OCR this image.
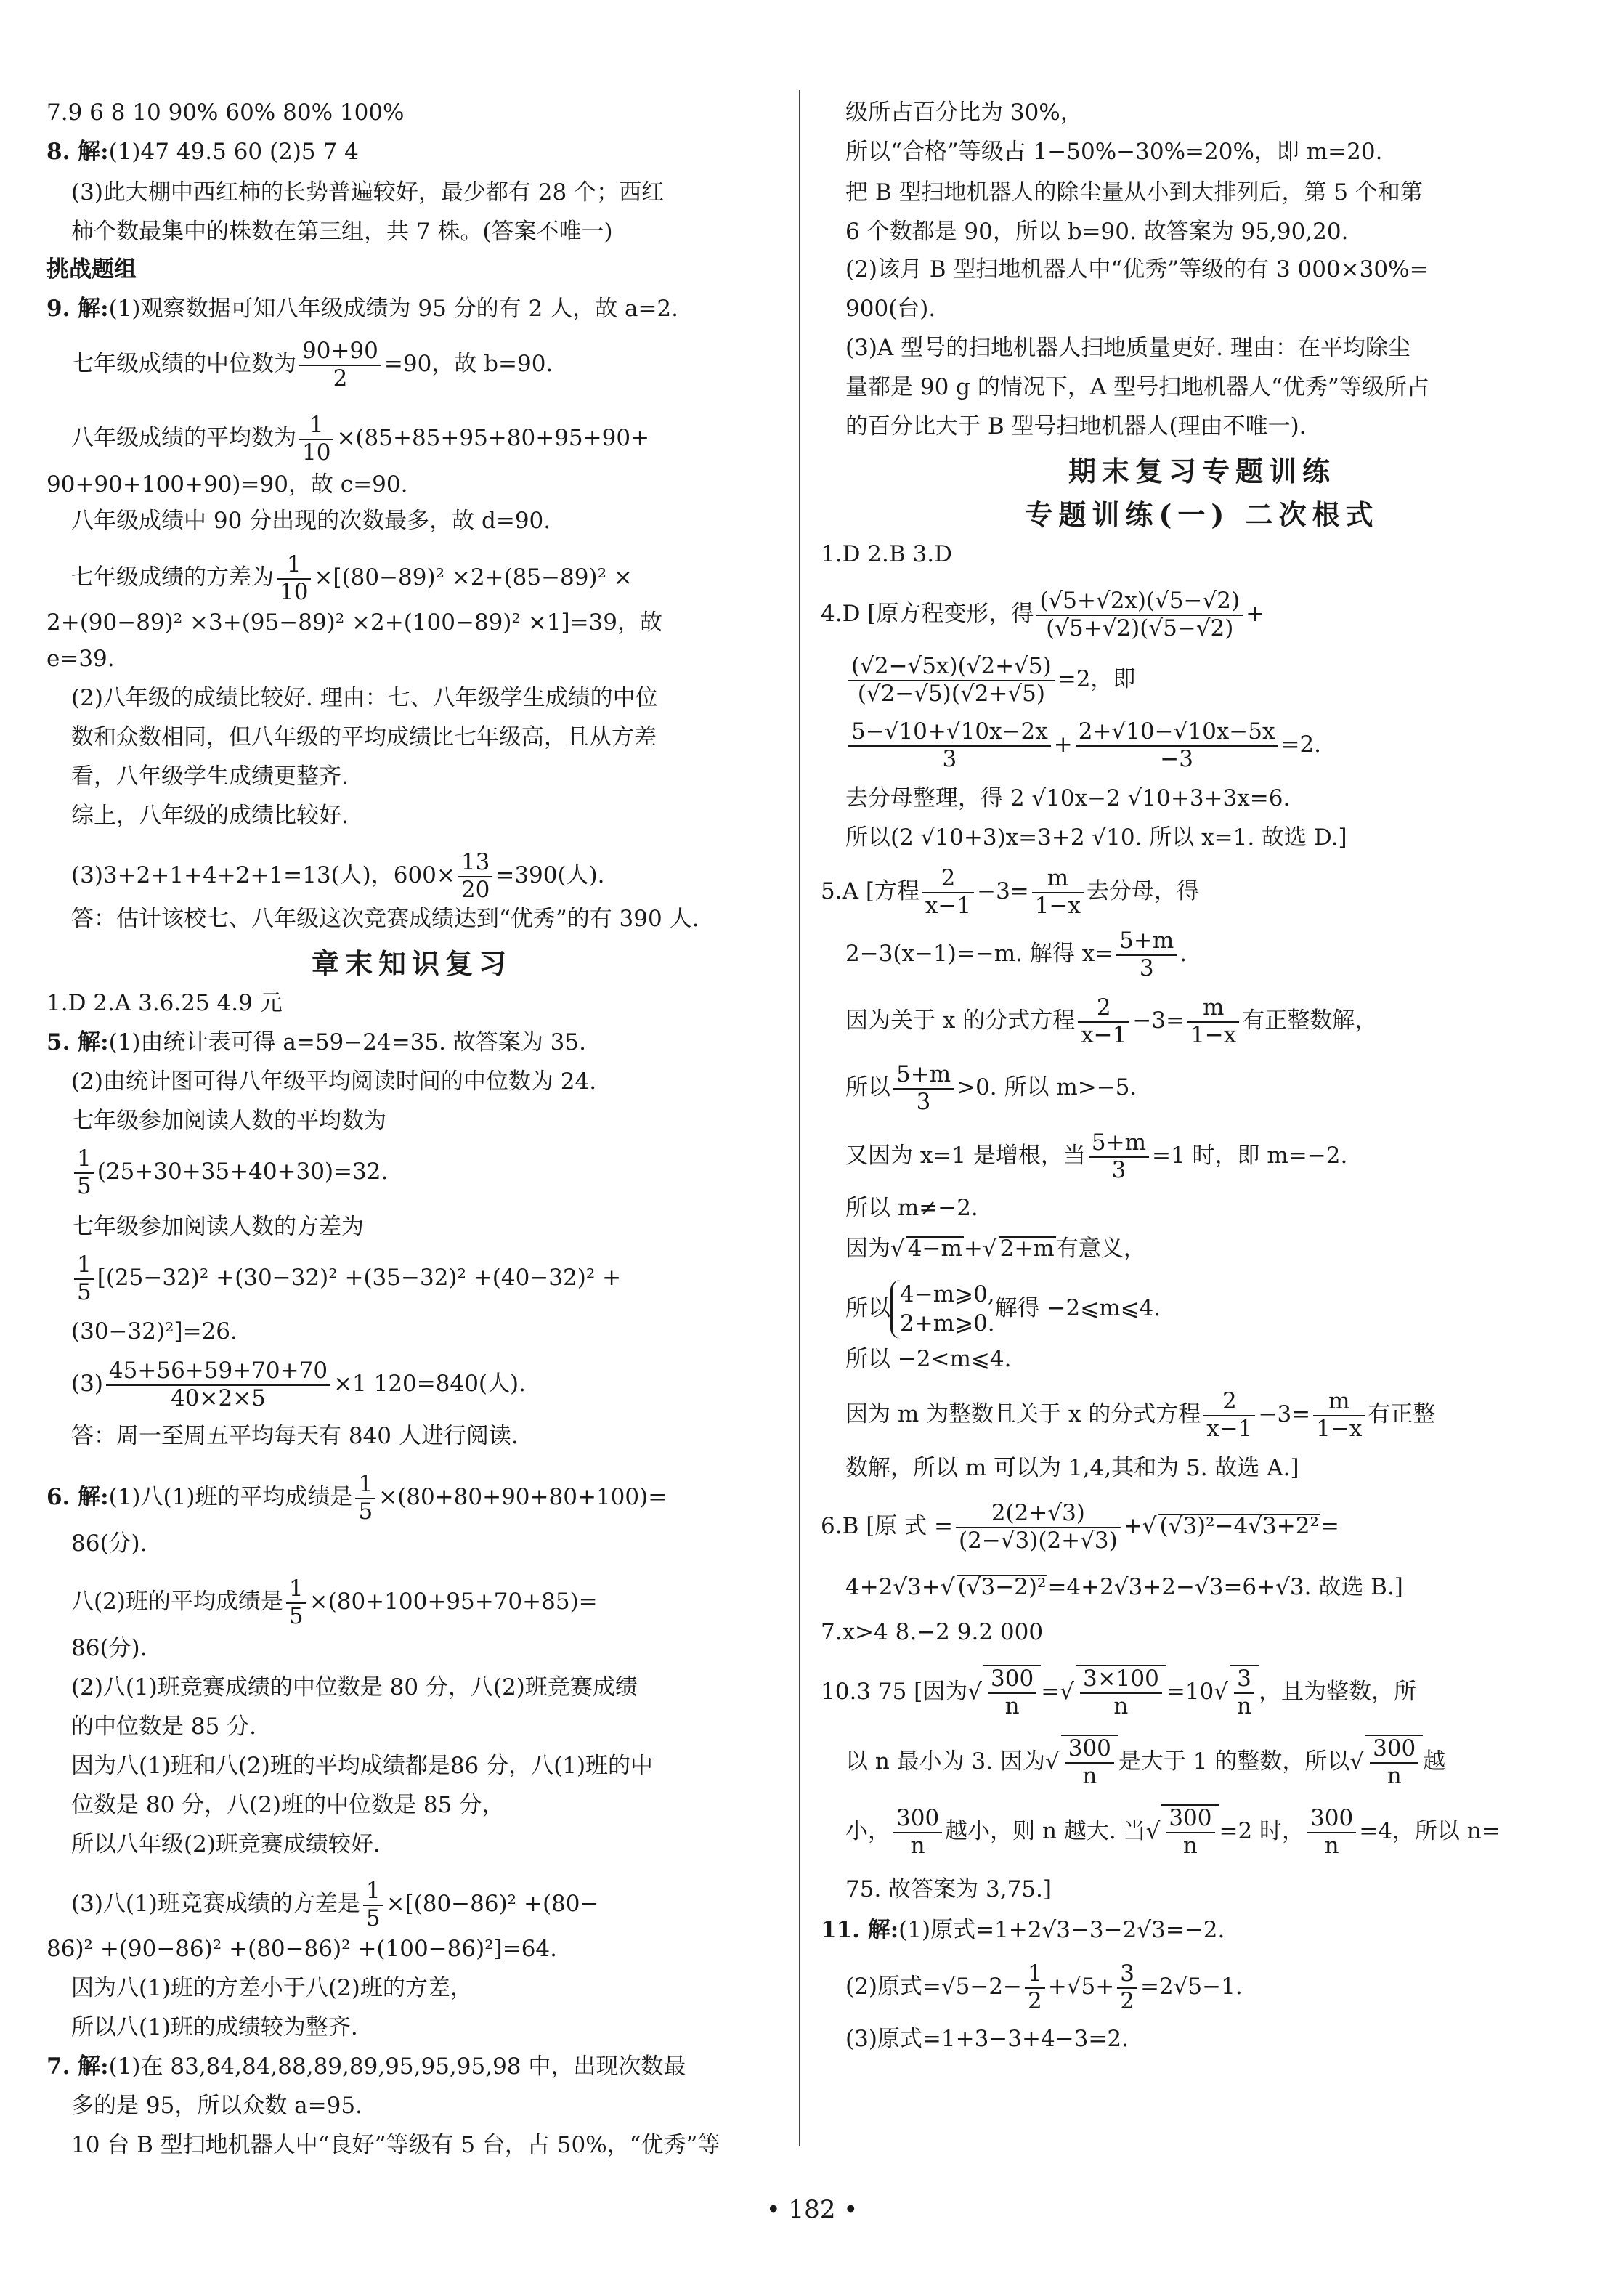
7.9 6 8 10 90% 60% 80% 100%
8. 解:(1)47 49.5 60 (2)5 7 4
(3)此大棚中西红柿的长势普遍较好，最少都有 28 个；西红
柿个数最集中的株数在第三组，共 7 株。(答案不唯一)
挑战题组
9. 解:(1)观察数据可知八年级成绩为 95 分的有 2 人，故 a=2.
七年级成绩的中位数为 $\frac{90+90}{2} =90$，故 b=90.
八年级成绩的平均数为 $\frac{1}{10} \times(85+85+95+80+95+90+$
90+90+100+90)=90，故 c=90.
八年级成绩中 90 分出现的次数最多，故 d=90.
七年级成绩的方差为 $\frac{1}{10} \times[(80-89)^2 \times 2+(85-89)^2$ ×
2+(90−89)² ×3+(95−89)² ×2+(100−89)² ×1]=39，故
e=39.
(2)八年级的成绩比较好. 理由：七、八年级学生成绩的中位
数和众数相同，但八年级的平均成绩比七年级高，且从方差
看，八年级学生成绩更整齐.
综上，八年级的成绩比较好.
(3)3+2+1+4+2+1=13(人)，$600\times \frac{13}{20} =390$(人).
答：估计该校七、八年级这次竞赛成绩达到“优秀”的有 390 人.
章末知识复习
1.D 2.A 3.6.25 4.9 元
5. 解:(1)由统计表可得 a=59−24=35. 故答案为 35.
(2)由统计图可得八年级平均阅读时间的中位数为 24.
七年级参加阅读人数的平均数为
$\frac{1}{5} (25+30+35+40+30)=32$.
七年级参加阅读人数的方差为
$\frac{1}{5} [(25-32)^2 +(30-32)^2 +(35-32)^2 +(40-32)^2$ +
(30−32)²]=26.
$(3) \frac{45+56+59+70+70}{40\times 2\times 5} \times 1$ 120=840(人).
答：周一至周五平均每天有 840 人进行阅读.
6. 解:(1)八(1)班的平均成绩是 $\frac{1}{5} \times(80+80+90+80+100)=$
86(分).
八(2)班的平均成绩是 $\frac{1}{5} \times(80+100+95+70+85)=$
86(分).
(2)八(1)班竞赛成绩的中位数是 80 分，八(2)班竞赛成绩
的中位数是 85 分.
因为八(1)班和八(2)班的平均成绩都是86 分，八(1)班的中
位数是 80 分，八(2)班的中位数是 85 分，
所以八年级(2)班竞赛成绩较好.
(3)八(1)班竞赛成绩的方差是 $\frac{1}{5} \times[(80-86)^2 +(80-$
86)² +(90−86)² +(80−86)² +(100−86)²]=64.
因为八(1)班的方差小于八(2)班的方差，
所以八(1)班的成绩较为整齐.
7. 解:(1)在 83,84,84,88,89,89,95,95,95,98 中，出现次数最
多的是 95，所以众数 a=95.
10 台 B 型扫地机器人中“良好”等级有 5 台，占 50%，“优秀”等
级所占百分比为 30%，
所以“合格”等级占 1−50%−30%=20%，即 m=20.
把 B 型扫地机器人的除尘量从小到大排列后，第 5 个和第
6 个数都是 90，所以 b=90. 故答案为 95,90,20.
(2)该月 B 型扫地机器人中“优秀”等级的有 3 000×30%=
900(台).
(3)A 型号的扫地机器人扫地质量更好. 理由：在平均除尘
量都是 90 g 的情况下，A 型号扫地机器人“优秀”等级所占
的百分比大于 B 型号扫地机器人(理由不唯一).
期末复习专题训练
专题训练(一) 二次根式
1.D 2.B 3.D
4.D [原方程变形，得 $\frac{(√5+√2x)(√5-√2)}{(√5+√2)(√5-√2)}$ +
$\frac{(√2-√5x)(√2+√5)}{(√2-√5)(√2+√5)} =2$，即
$\frac{5-√10+√10x-2x}{3} + \frac{2+√10-√10x-5x}{-3} =2$.
去分母整理，得 2 √10x−2 √10+3+3x=6.
所以(2 √10+3)x=3+2 √10. 所以 x=1. 故选 D.]
5.A [方程 $\frac{2}{x-1} -3= \frac{m}{1-x}$ 去分母，得
2−3(x−1)=−m. 解得 $x= \frac{5+m}{3}$ .
因为关于 x 的分式方程 $\frac{2}{x-1} -3= \frac{m}{1-x}$ 有正整数解，
所以 $\frac{5+m}{3} >0$. 所以 m>−5.
又因为 x=1 是增根，当 $\frac{5+m}{3} =1$ 时，即 m=−2.
所以 m≠−2.
因为√ 4−m+√ 2+m有意义，
所以
4−m⩾0,
2+m⩾0.
解得 −2⩽m⩽4.
所以 −2<m⩽4.
因为 m 为整数且关于 x 的分式方程 $\frac{2}{x-1} -3= \frac{m}{1-x}$ 有正整
数解，所以 m 可以为 1,4,其和为 5. 故选 A.]
6.B [原 式 = $\frac{2(2+√3)}{(2-√3)(2+√3)}$ +√ (√3)²−4√3+2²=
4+2√3+√ (√3−2)²=4+2√3+2−√3=6+√3. 故选 B.]
7.x>4 8.−2 9.2 000
10.3 75 [因为√ $\frac{300}{n}$ =√ $\frac{3\times 100}{n} =10√ \frac{3}{n}$ ，且为整数，所
以 n 最小为 3. 因为√ $\frac{300}{n}$ 是大于 1 的整数，所以√ $\frac{300}{n}$ 越
小， $\frac{300}{n}$ 越小，则 n 越大. 当√ $\frac{300}{n} =2$ 时， $\frac{300}{n} =4$，所以 n=
75. 故答案为 3,75.]
11. 解:(1)原式=1+2√3−3−2√3=−2.
(2)原式$=√5-2- \frac{1}{2} +√5+ \frac{3}{2} =2√5-1$.
(3)原式=1+3−3+4−3=2.
• 182 •
